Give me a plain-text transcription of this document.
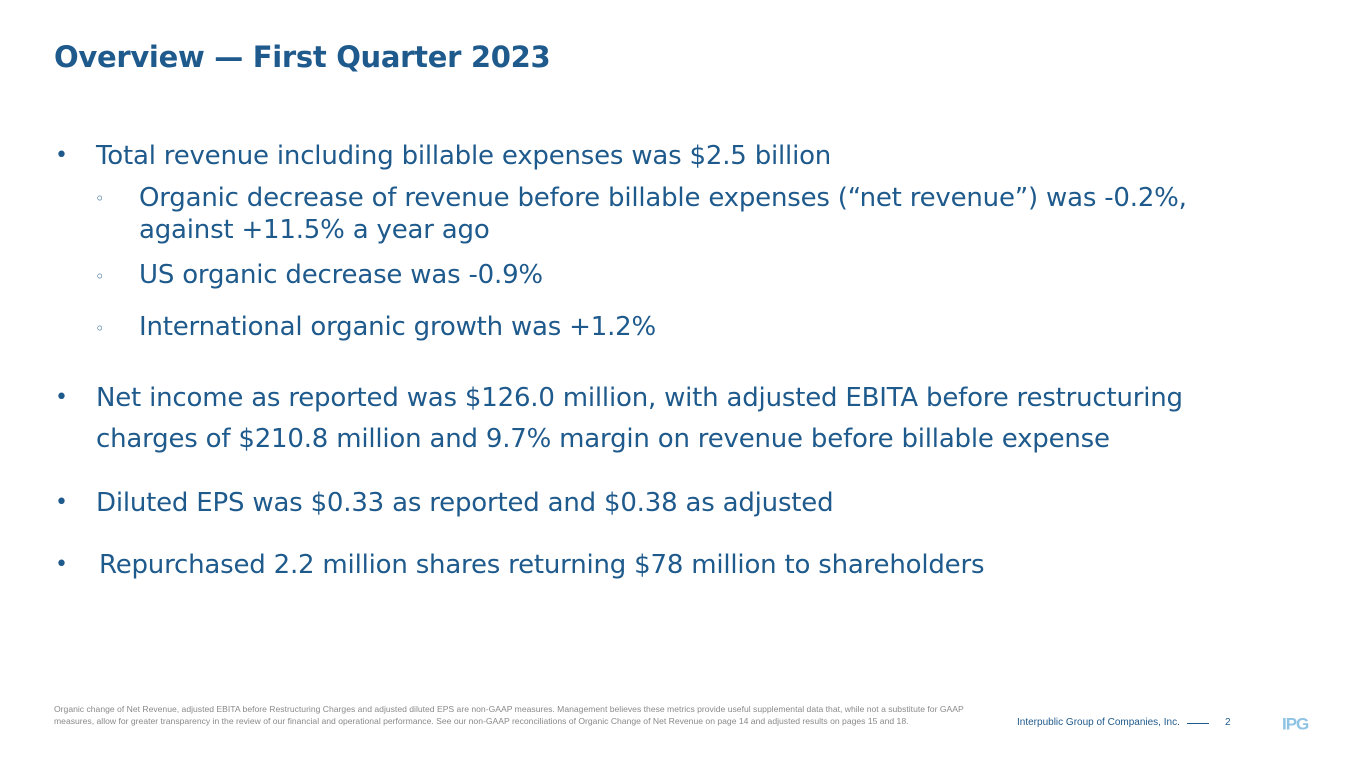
Overview — First Quarter 2023
• Total revenue including billable expenses was $2.5 billion
◦ Organic decrease of revenue before billable expenses (“net revenue”) was -0.2%,
against +11.5% a year ago
◦ US organic decrease was -0.9%
◦ International organic growth was +1.2%
• Net income as reported was $126.0 million, with adjusted EBITA before restructuring
charges of $210.8 million and 9.7% margin on revenue before billable expense
• Diluted EPS was $0.33 as reported and $0.38 as adjusted
• Repurchased 2.2 million shares returning $78 million to shareholders
Organic change of Net Revenue, adjusted EBITA before Restructuring Charges and adjusted diluted EPS are non-GAAP measures. Management believes these metrics provide useful supplemental data that, while not a substitute for GAAP measures, allow for greater transparency in the review of our financial and operational performance. See our non-GAAP reconciliations of Organic Change of Net Revenue on page 14 and adjusted results on pages 15 and 18.	Interpublic Group of Companies, Inc.	2	IPG
